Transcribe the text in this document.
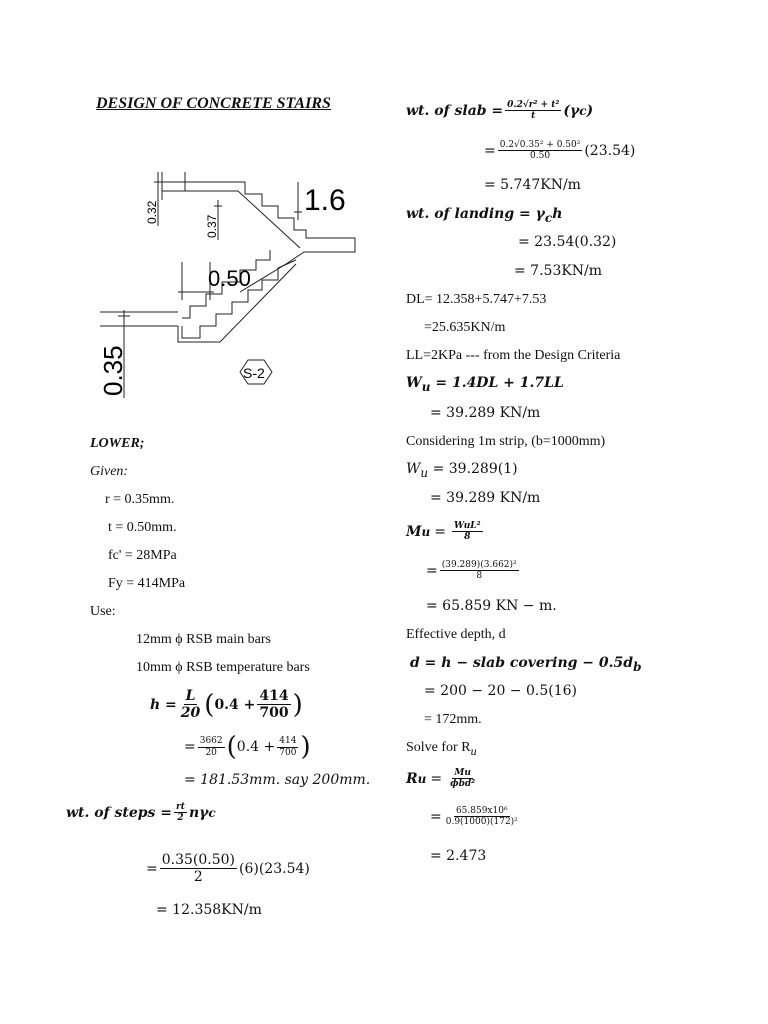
DESIGN OF CONCRETE STAIRS
0.32
0.37
1.6
0.50
0.35	S-2
LOWER;
Given:
r = 0.35mm.
t = 0.50mm.
fc' = 28MPa
Fy = 414MPa
Use:
12mm ϕ RSB main bars
10mm ϕ RSB temperature bars
$h = \frac{L}{20}$ ( $0.4 + \frac{414}{700}$ )
= $\frac{3662}{20}$ ( $0.4 + \frac{414}{700}$ )
= 181.53mm. say 200mm.
wt. of steps = $\frac{rt}{2}$ nγ c
= $\frac{0.35(0.50)}{2} (6)(23.54)$
= 12.358KN/m
wt. of slab = $\frac{\text{0.2√r² + t²}}{t} (\gamma$ c )
= $\frac{\text{0.2√0.35² + 0.50²}}{0.50} (23.54)$
= 5.747KN/m
wt. of landing = $\gamma_ch$
= 23.54(0.32)
= 7.53KN/m
DL= 12.358+5.747+7.53
=25.635KN/m
LL=2KPa --- from the Design Criteria
$W_u = 1.4DL + 1.7LL$
= 39.289 KN/m
Considering 1m strip, (b=1000mm)
$W_u = 39.289(1)$
= 39.289 KN/m
M $u = \frac{\text{WuL²}}{8}$
= $\frac{\text{(39.289)(3.662)²}}{8}$
= 65.859 KN − m.
Effective depth, d
d = h − slab covering − $0.5d_b$
= 200 − 20 − 0.5(16)
= 172mm.
Solve for $R_u$
R $u = \frac{Mu}{\text{ϕbd²}}$
= $\frac{\text{65.859x10⁶}}{\text{0.9(1000)(172)²}}$
= 2.473
